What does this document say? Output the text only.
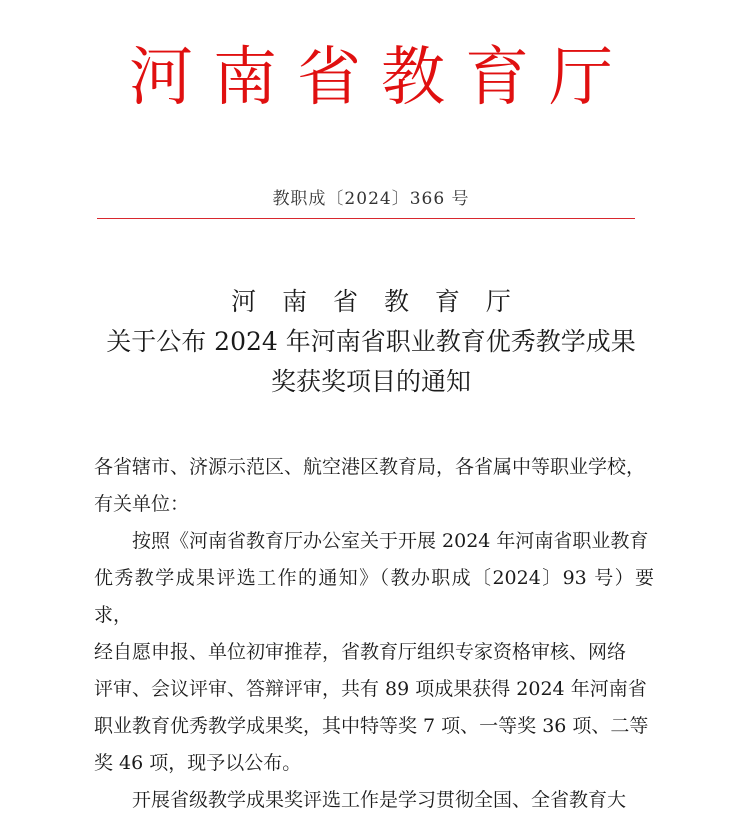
河南省教育厅
教职成〔2024〕366 号
河 南 省 教 育 厅
关于公布 2024 年河南省职业教育优秀教学成果
奖获奖项目的通知

各省辖市、济源示范区、航空港区教育局，各省属中等职业学校，

有关单位：

按照《河南省教育厅办公室关于开展 2024 年河南省职业教育

优秀教学成果评选工作的通知》（教办职成〔2024〕93 号）要求，

经自愿申报、单位初审推荐，省教育厅组织专家资格审核、网络

评审、会议评审、答辩评审，共有 89 项成果获得 2024 年河南省

职业教育优秀教学成果奖，其中特等奖 7 项、一等奖 36 项、二等

奖 46 项，现予以公布。

开展省级教学成果奖评选工作是学习贯彻全国、全省教育大
